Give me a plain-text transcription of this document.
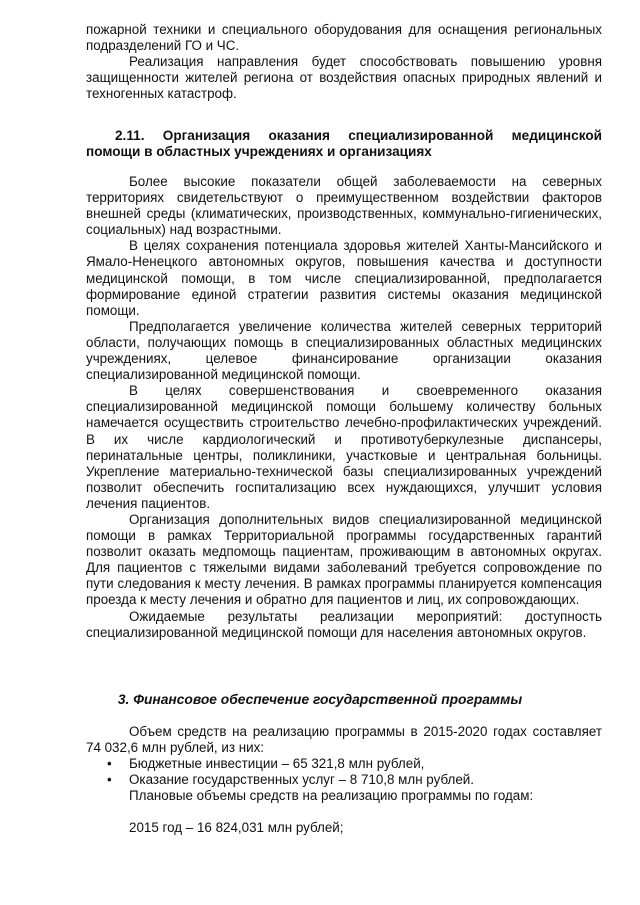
пожарной техники и специального оборудования для оснащения региональных подразделений ГО и ЧС.

Реализация направления будет способствовать повышению уровня защищенности жителей региона от воздействия опасных природных явлений и техногенных катастроф.

2.11. Организация оказания специализированной медицинской
помощи в областных учреждениях и организациях

Более высокие показатели общей заболеваемости на северных территориях свидетельствуют о преимущественном воздействии факторов внешней среды (климатических, производственных, коммунально-гигиенических, социальных) над возрастными.

В целях сохранения потенциала здоровья жителей Ханты-Мансийского и Ямало-Ненецкого автономных округов, повышения качества и доступности медицинской помощи, в том числе специализированной, предполагается формирование единой стратегии развития системы оказания медицинской помощи.

Предполагается увеличение количества жителей северных территорий области, получающих помощь в специализированных областных медицинских учреждениях, целевое финансирование организации оказания специализированной медицинской помощи.

В целях совершенствования и своевременного оказания специализированной медицинской помощи большему количеству больных намечается осуществить строительство лечебно-профилактических учреждений. В их числе кардиологический и противотуберкулезные диспансеры, перинатальные центры, поликлиники, участковые и центральная больницы. Укрепление материально-технической базы специализированных учреждений позволит обеспечить госпитализацию всех нуждающихся, улучшит условия лечения пациентов.

Организация дополнительных видов специализированной медицинской помощи в рамках Территориальной программы государственных гарантий позволит оказать медпомощь пациентам, проживающим в автономных округах. Для пациентов с тяжелыми видами заболеваний требуется сопровождение по пути следования к месту лечения. В рамках программы планируется компенсация проезда к месту лечения и обратно для пациентов и лиц, их сопровождающих.

Ожидаемые результаты реализации мероприятий: доступность специализированной медицинской помощи для населения автономных округов.

3. Финансовое обеспечение государственной программы

Объем средств на реализацию программы в 2015-2020 годах составляет 74 032,6 млн рублей, из них:

• Бюджетные инвестиции – 65 321,8 млн рублей,
• Оказание государственных услуг – 8 710,8 млн рублей.

Плановые объемы средств на реализацию программы по годам:

2015 год – 16 824,031 млн рублей;
